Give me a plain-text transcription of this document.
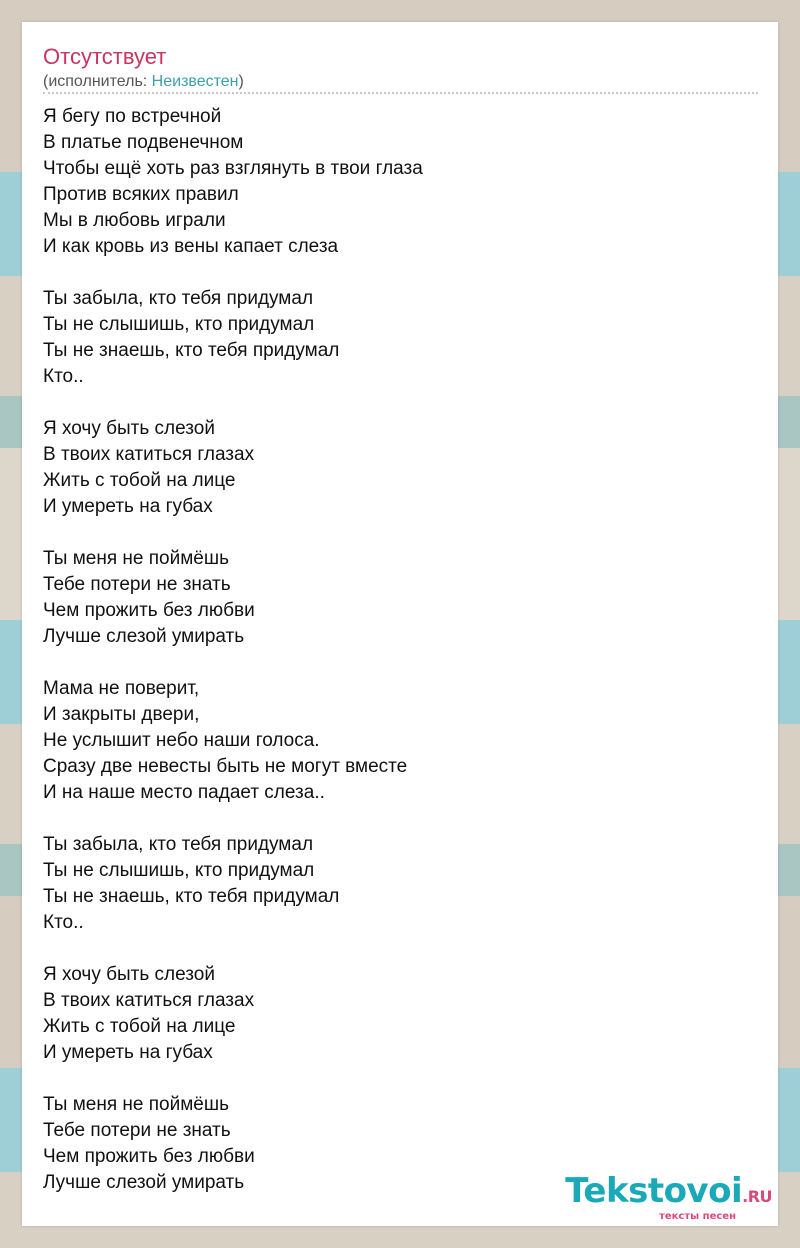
Отсутствует
(исполнитель: Неизвестен)
Я бегу по встречной
В платье подвенечном
Чтобы ещё хоть раз взглянуть в твои глаза
Против всяких правил
Мы в любовь играли
И как кровь из вены капает слеза
Ты забыла, кто тебя придумал
Ты не слышишь, кто придумал
Ты не знаешь, кто тебя придумал
Кто..
Я хочу быть слезой
В твоих катиться глазах
Жить с тобой на лице
И умереть на губах
Ты меня не поймёшь
Тебе потери не знать
Чем прожить без любви
Лучше слезой умирать
Мама не поверит,
И закрыты двери,
Не услышит небо наши голоса.
Сразу две невесты быть не могут вместе
И на наше место падает слеза..
Ты забыла, кто тебя придумал
Ты не слышишь, кто придумал
Ты не знаешь, кто тебя придумал
Кто..
Я хочу быть слезой
В твоих катиться глазах
Жить с тобой на лице
И умереть на губах
Ты меня не поймёшь
Тебе потери не знать
Чем прожить без любви
Лучше слезой умирать	Tekstovoi.RU
тексты песен
